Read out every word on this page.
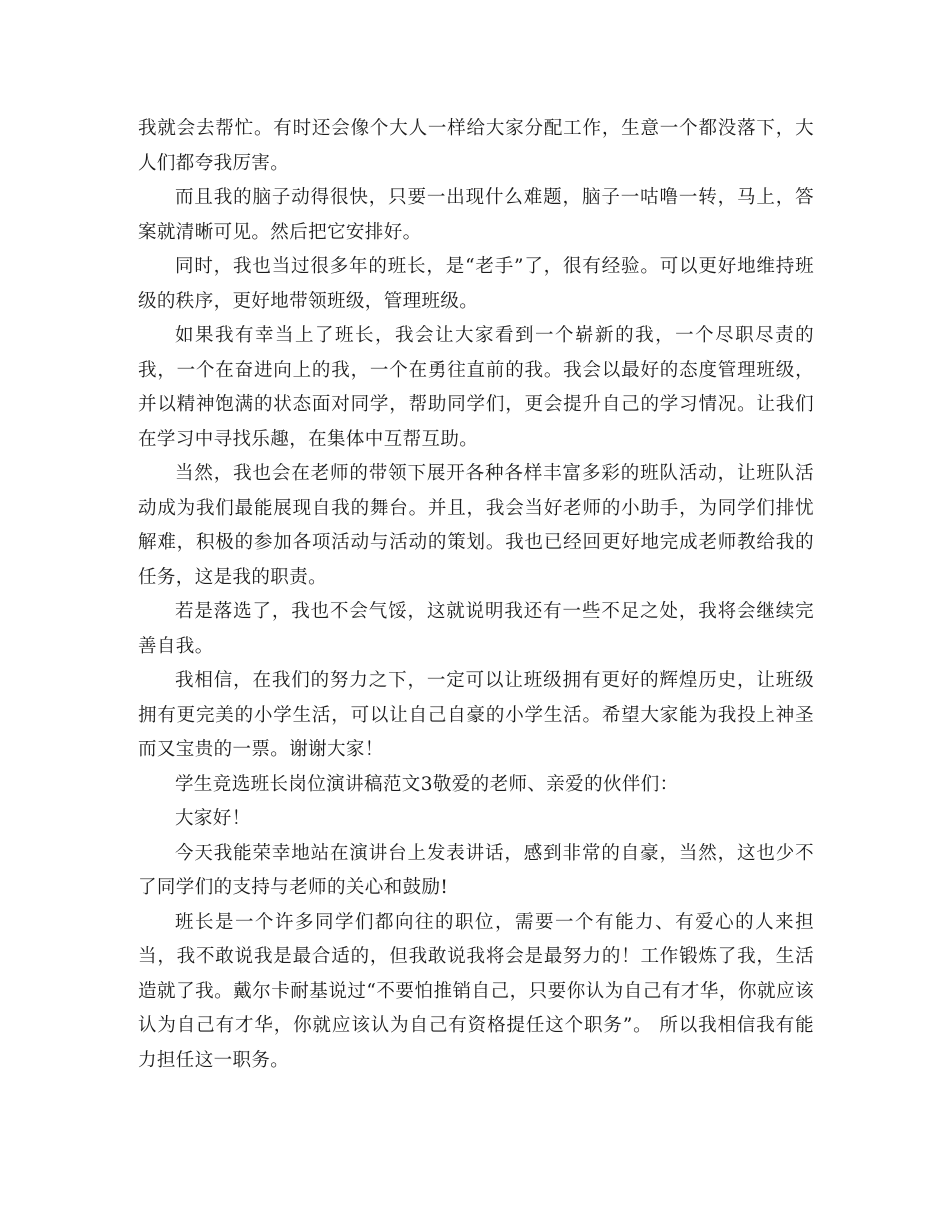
我就会去帮忙。有时还会像个大人一样给大家分配工作，生意一个都没落下，大人们都夸我厉害。

而且我的脑子动得很快，只要一出现什么难题，脑子一咕噜一转，马上，答案就清晰可见。然后把它安排好。

同时，我也当过很多年的班长，是“老手”了，很有经验。可以更好地维持班级的秩序，更好地带领班级，管理班级。

如果我有幸当上了班长，我会让大家看到一个崭新的我，一个尽职尽责的我，一个在奋进向上的我，一个在勇往直前的我。我会以最好的态度管理班级，并以精神饱满的状态面对同学，帮助同学们，更会提升自己的学习情况。让我们在学习中寻找乐趣，在集体中互帮互助。

当然，我也会在老师的带领下展开各种各样丰富多彩的班队活动，让班队活动成为我们最能展现自我的舞台。并且，我会当好老师的小助手，为同学们排忧解难，积极的参加各项活动与活动的策划。我也已经回更好地完成老师教给我的任务，这是我的职责。

若是落选了，我也不会气馁，这就说明我还有一些不足之处，我将会继续完善自我。

我相信，在我们的努力之下，一定可以让班级拥有更好的辉煌历史，让班级拥有更完美的小学生活，可以让自己自豪的小学生活。希望大家能为我投上神圣而又宝贵的一票。谢谢大家！

学生竞选班长岗位演讲稿范文3敬爱的老师、亲爱的伙伴们：

大家好！

今天我能荣幸地站在演讲台上发表讲话，感到非常的自豪，当然，这也少不了同学们的支持与老师的关心和鼓励!

班长是一个许多同学们都向往的职位，需要一个有能力、有爱心的人来担当，我不敢说我是最合适的，但我敢说我将会是最努力的！工作锻炼了我，生活造就了我。戴尔卡耐基说过“不要怕推销自己，只要你认为自己有才华，你就应该认为自己有才华，你就应该认为自己有资格提任这个职务”。 所以我相信我有能力担任这一职务。
